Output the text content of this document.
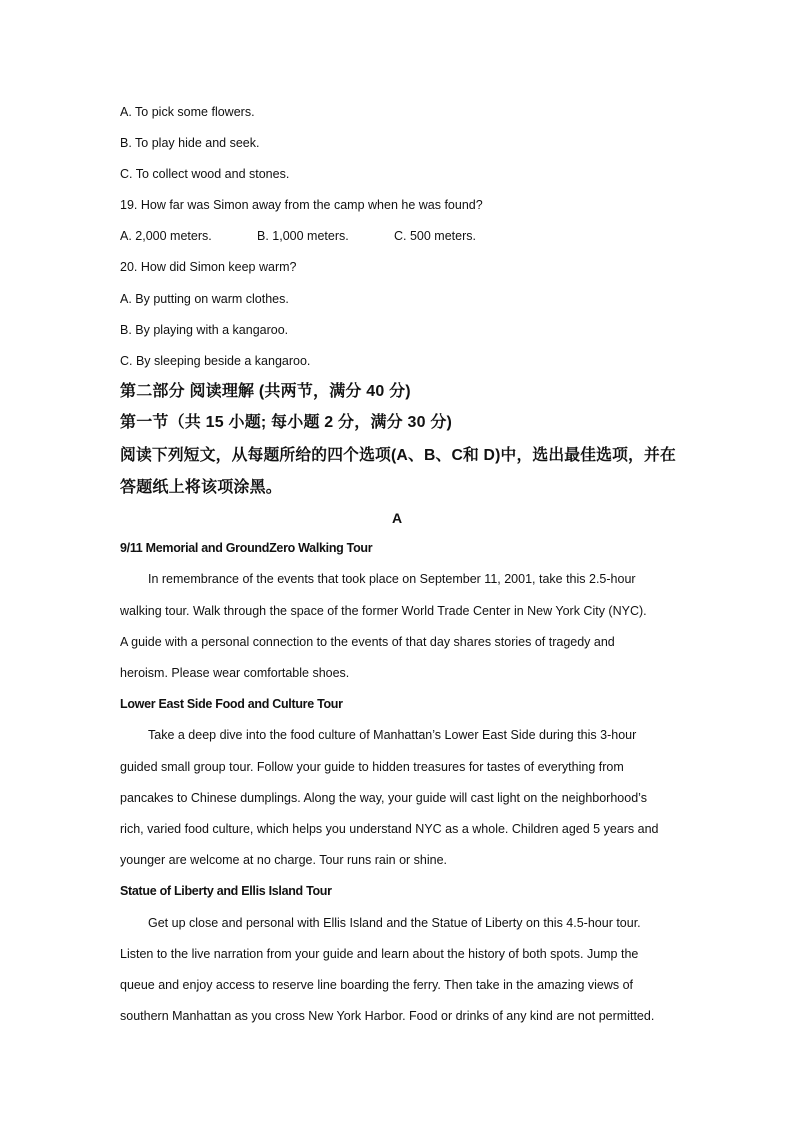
A. To pick some flowers.
B. To play hide and seek.
C. To collect wood and stones.
19. How far was Simon away from the camp when he was found?
A. 2,000 meters.	B. 1,000 meters.	C. 500 meters.
20. How did Simon keep warm?
A. By putting on warm clothes.
B. By playing with a kangaroo.
C. By sleeping beside a kangaroo.
第二部分 阅读理解 (共两节，满分 40 分)
第一节（共 15 小题; 每小题 2 分，满分 30 分)
阅读下列短文，从每题所给的四个选项(A、B、C和 D)中，选出最佳选项，并在
答题纸上将该项涂黑。
A
9/11 Memorial and GroundZero Walking Tour
In remembrance of the events that took place on September 11, 2001, take this 2.5-hour
walking tour. Walk through the space of the former World Trade Center in New York City (NYC).
A guide with a personal connection to the events of that day shares stories of tragedy and
heroism. Please wear comfortable shoes.
Lower East Side Food and Culture Tour
Take a deep dive into the food culture of Manhattan’s Lower East Side during this 3-hour
guided small group tour. Follow your guide to hidden treasures for tastes of everything from
pancakes to Chinese dumplings. Along the way, your guide will cast light on the neighborhood’s
rich, varied food culture, which helps you understand NYC as a whole. Children aged 5 years and
younger are welcome at no charge. Tour runs rain or shine.
Statue of Liberty and Ellis Island Tour
Get up close and personal with Ellis Island and the Statue of Liberty on this 4.5-hour tour.
Listen to the live narration from your guide and learn about the history of both spots. Jump the
queue and enjoy access to reserve line boarding the ferry. Then take in the amazing views of
southern Manhattan as you cross New York Harbor. Food or drinks of any kind are not permitted.
